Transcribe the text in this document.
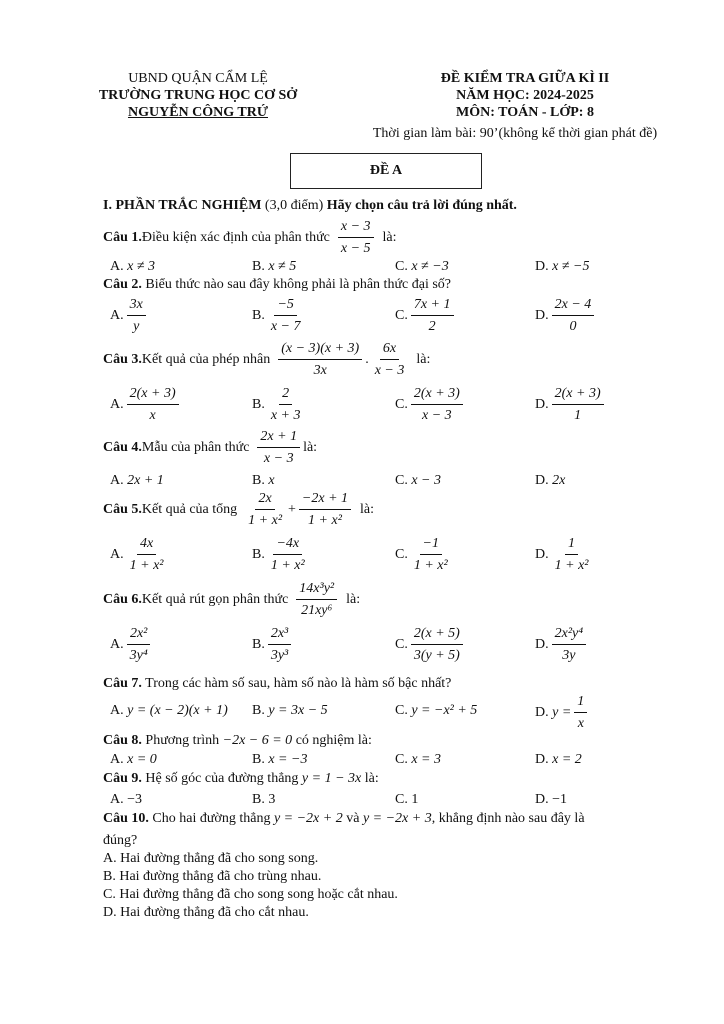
UBND QUẬN CẨM LỆ
TRƯỜNG TRUNG HỌC CƠ SỞ
NGUYỄN CÔNG TRỨ
ĐỀ KIỂM TRA GIỮA KÌ II
NĂM HỌC: 2024-2025
MÔN: TOÁN - LỚP: 8
Thời gian làm bài: 90’(không kể thời gian phát đề)
ĐỀ A
I. PHẦN TRẮC NGHIỆM (3,0 điểm) Hãy chọn câu trả lời đúng nhất.
Câu 1. Điều kiện xác định của phân thức $\frac{x - 3}{x - 5}$ là:
A.
x ≠ 3	B.
x ≠ 5	C.
x ≠ −3	D.
x ≠ −5
Câu 2. Biểu thức nào sau đây không phải là phân thức đại số?
A. $\frac{3x}{y}$	B. $\frac{-5}{x - 7}$	C. $\frac{7x + 1}{2}$	D. $\frac{2x - 4}{0}$
Câu 3. Kết quả của phép nhân $\frac{(x - 3)(x + 3)}{3x}$ . $\frac{6x}{x - 3}$ là:
A. $\frac{2(x + 3)}{x}$	B. $\frac{2}{x + 3}$	C. $\frac{2(x + 3)}{x - 3}$	D. $\frac{2(x + 3)}{1}$
Câu 4. Mẫu của phân thức $\frac{2x + 1}{x - 3}$ là:
A.
2x + 1	B.
x	C.
x − 3	D.
2x
Câu 5. Kết quả của tổng $\frac{2x}{\text{1 + x²}} + \frac{-2x + 1}{\text{1 + x²}}$ là:
A. $\frac{4x}{\text{1 + x²}}$	B. $\frac{-4x}{\text{1 + x²}}$	C. $\frac{-1}{\text{1 + x²}}$	D. $\frac{1}{\text{1 + x²}}$
Câu 6. Kết quả rút gọn phân thức $\frac{\text{14x³y²}}{\text{21xy⁶}}$ là:
A. $\frac{\text{2x²}}{\text{3y⁴}}$	B. $\frac{\text{2x³}}{\text{3y³}}$	C. $\frac{2(x + 5)}{3(y + 5)}$	D. $\frac{\text{2x²y⁴}}{3y}$
Câu 7. Trong các hàm số sau, hàm số nào là hàm số bậc nhất?
A.
y = (x − 2)(x + 1) B.
y = 3x − 5	C.
y = −x² + 5	D.
$y = \frac{1}{x}$
Câu 8. Phương trình −2x − 6 = 0 có nghiệm là:
A.
x = 0	B.
x = −3	C.
x = 3	D.
x = 2
Câu 9. Hệ số góc của đường thẳng y = 1 − 3x là:
A.
−3	B.
3	C.
1	D.
−1
Câu 10. Cho hai đường thẳng y = −2x + 2 và y = −2x + 3, khẳng định nào sau đây là
đúng?
A. Hai đường thẳng đã cho song song.
B. Hai đường thẳng đã cho trùng nhau.
C. Hai đường thẳng đã cho song song hoặc cắt nhau.
D. Hai đường thẳng đã cho cắt nhau.
